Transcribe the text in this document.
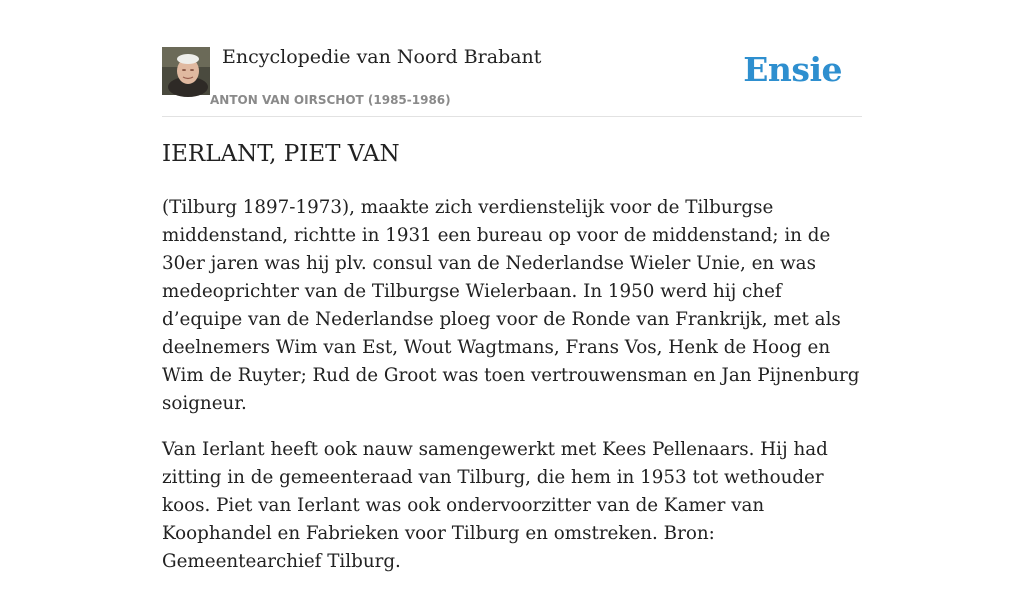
Encyclopedie van Noord Brabant
ANTON VAN OIRSCHOT (1985-1986)
Ensie
IERLANT, PIET VAN

(Tilburg 1897-1973), maakte zich verdienstelijk voor de Tilburgse middenstand, richtte in 1931 een bureau op voor de middenstand; in de 30er jaren was hij plv. consul van de Nederlandse Wieler Unie, en was medeoprichter van de Tilburgse Wielerbaan. In 1950 werd hij chef d’equipe van de Nederlandse ploeg voor de Ronde van Frankrijk, met als deelnemers Wim van Est, Wout Wagtmans, Frans Vos, Henk de Hoog en Wim de Ruyter; Rud de Groot was toen vertrouwensman en Jan Pijnenburg soigneur.

Van Ierlant heeft ook nauw samengewerkt met Kees Pellenaars. Hij had zitting in de gemeenteraad van Tilburg, die hem in 1953 tot wethouder koos. Piet van Ierlant was ook ondervoorzitter van de Kamer van Koophandel en Fabrieken voor Tilburg en omstreken. Bron: Gemeentearchief Tilburg.
